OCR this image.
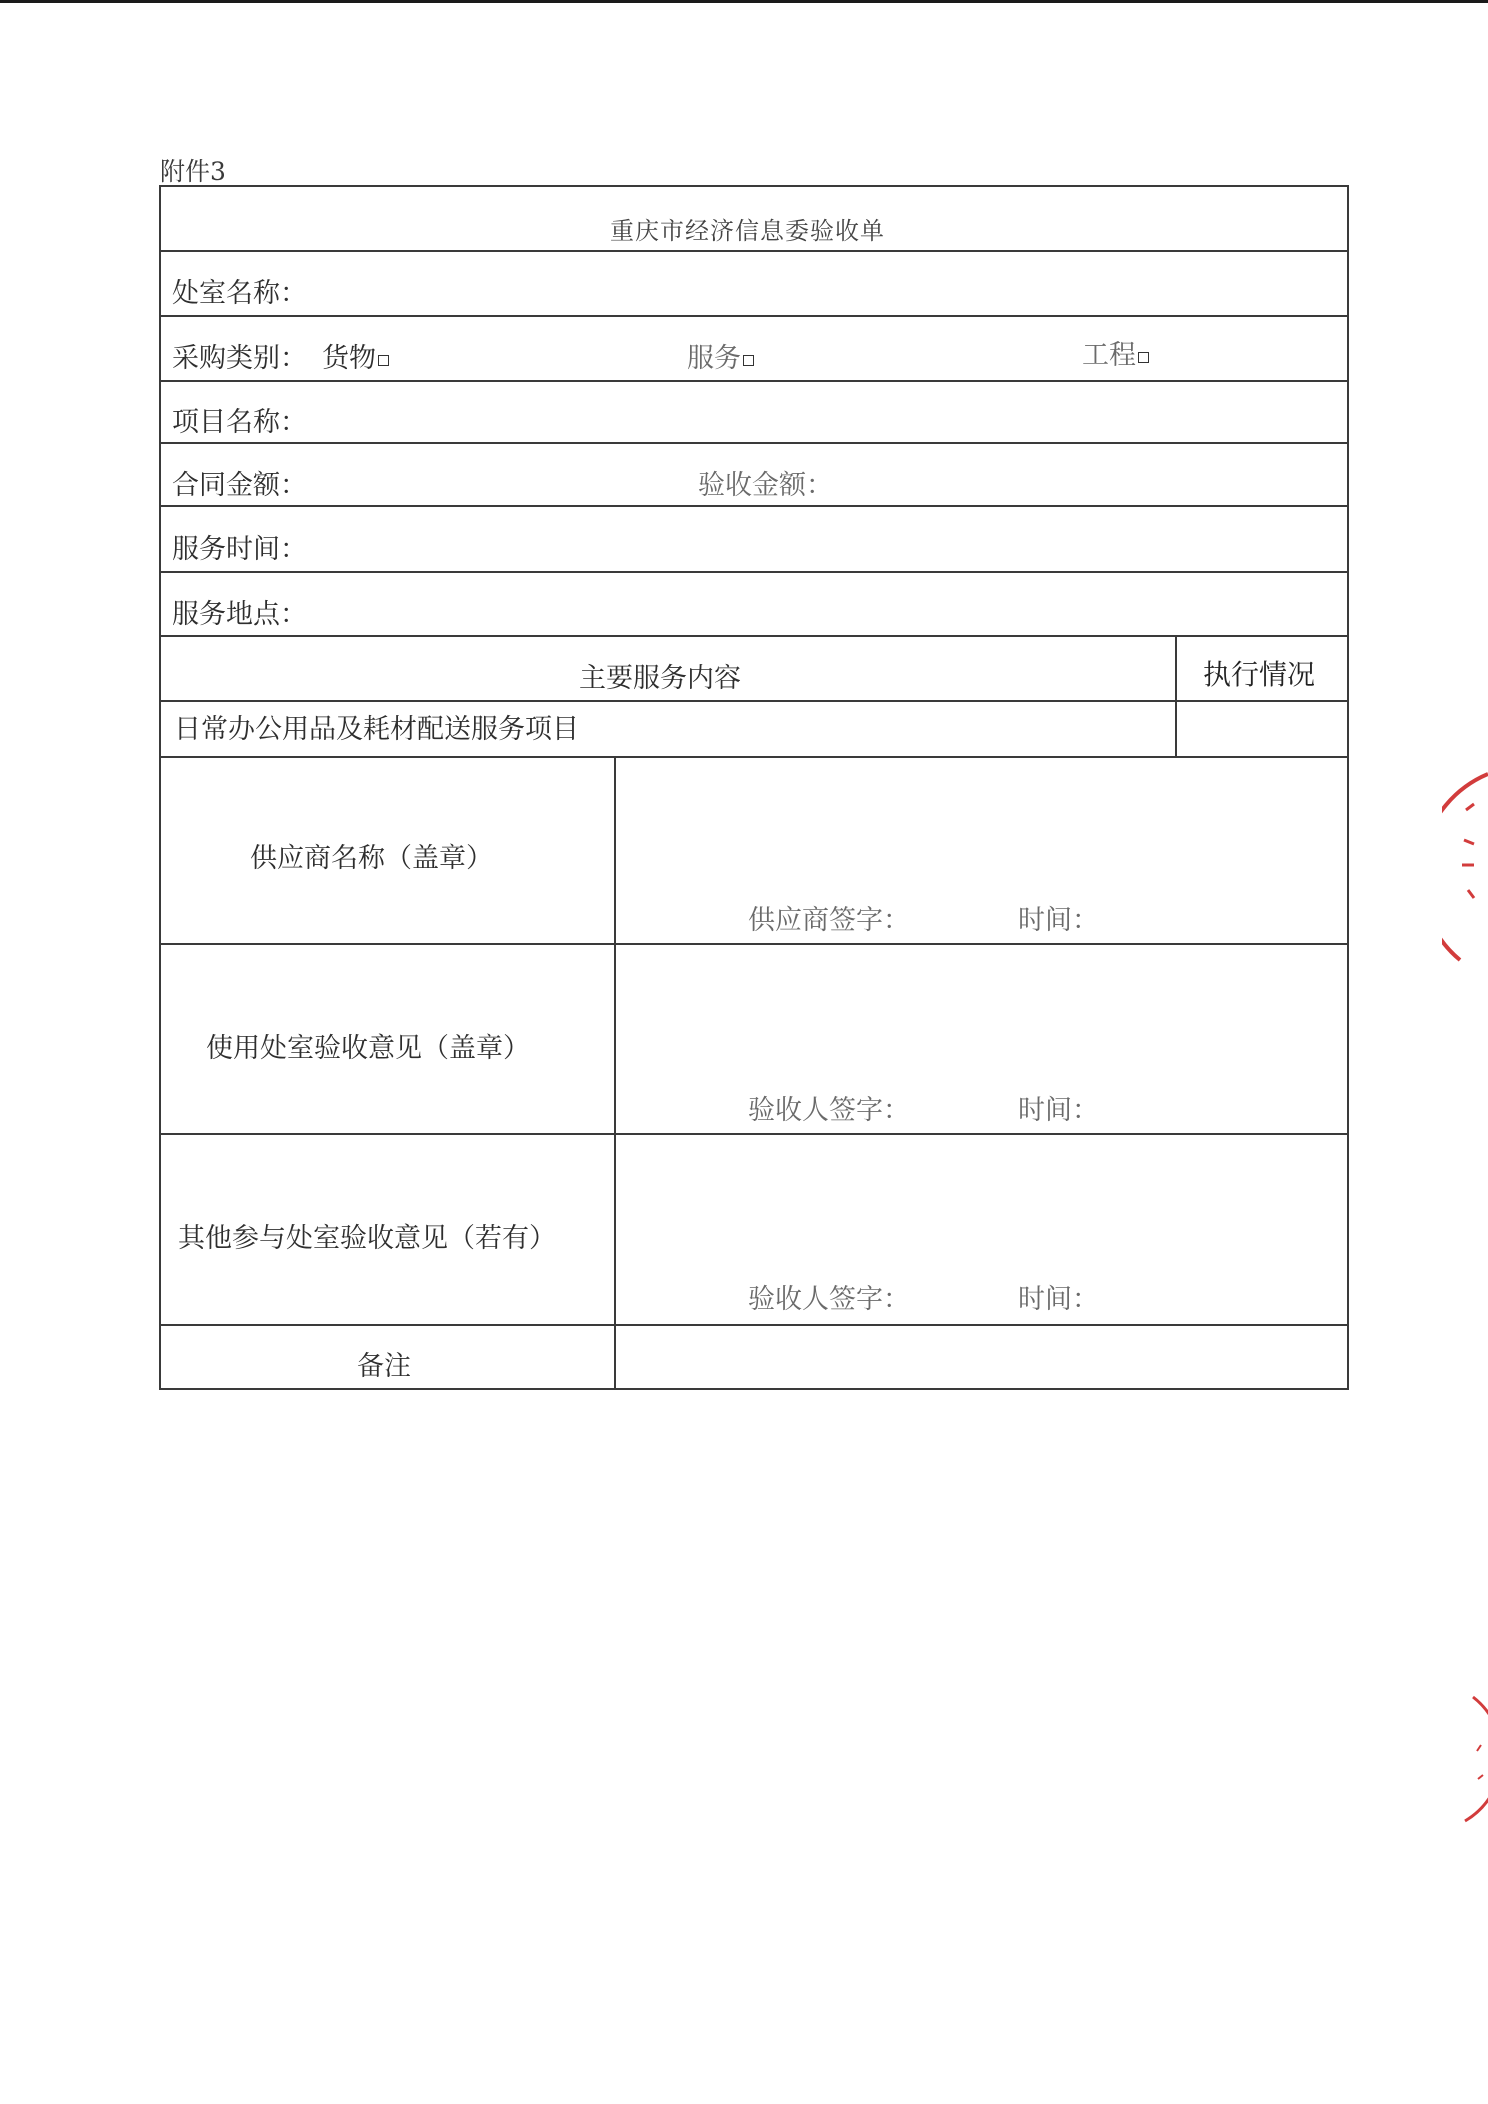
附件3
重庆市经济信息委验收单
处室名称：
采购类别： 货物	服务	工程
项目名称：
合同金额：	验收金额：
服务时间：
服务地点：
主要服务内容	执行情况
日常办公用品及耗材配送服务项目
供应商名称（盖章）
供应商签字：	时间：
使用处室验收意见（盖章）
验收人签字：	时间：
其他参与处室验收意见（若有）
验收人签字：	时间：
备注
